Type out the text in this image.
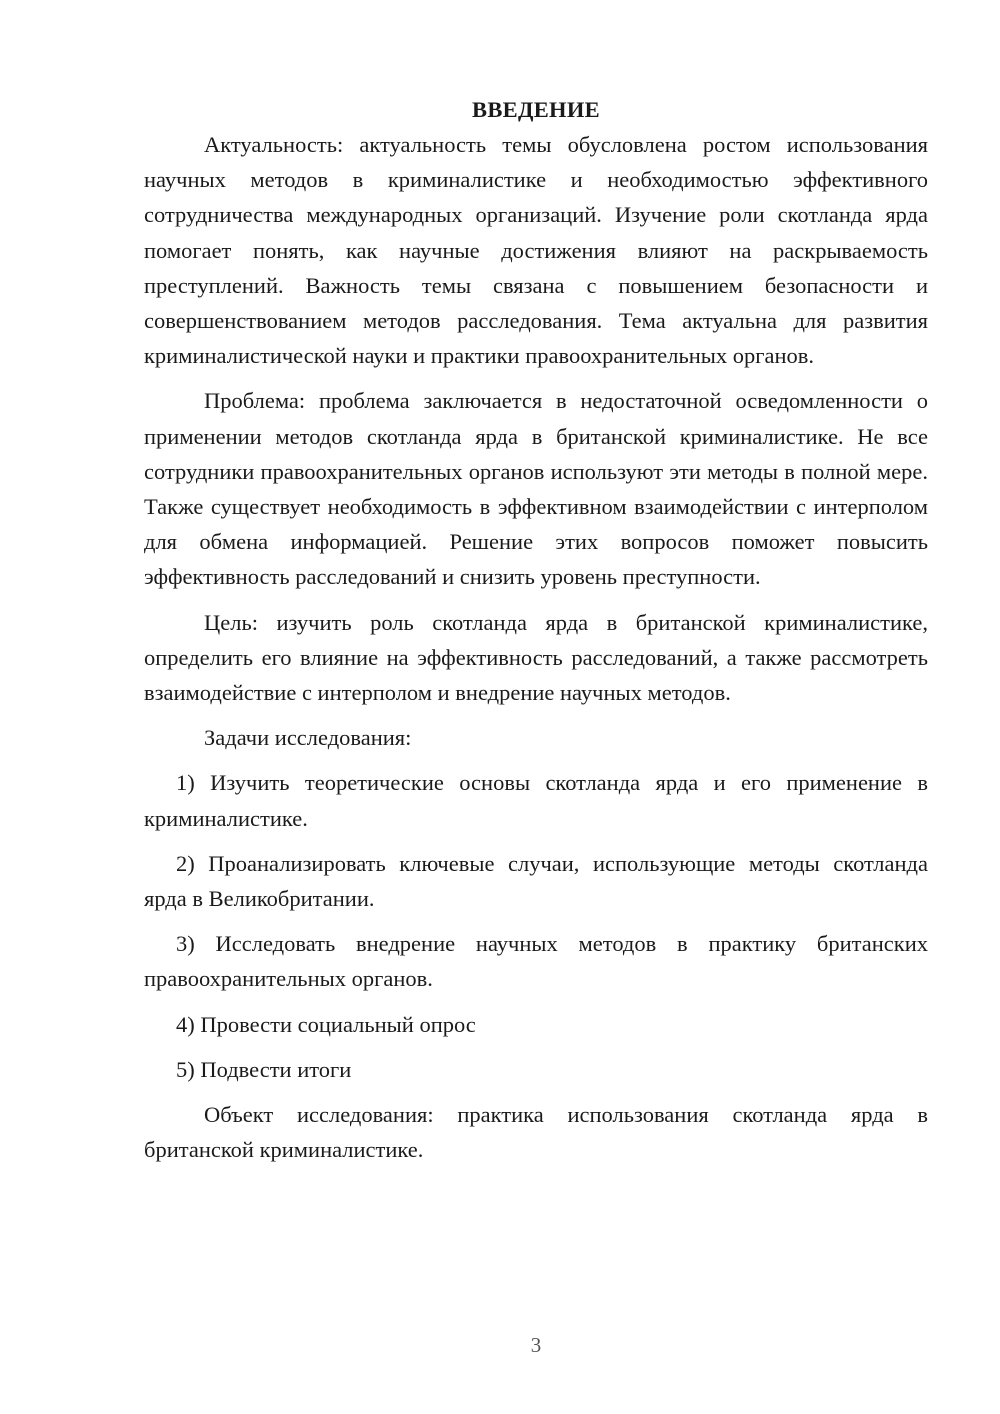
ВВЕДЕНИЕ

Актуальность: актуальность темы обусловлена ростом использования научных методов в криминалистике и необходимостью эффективного сотрудничества международных организаций. Изучение роли скотланда ярда помогает понять, как научные достижения влияют на раскрываемость преступлений. Важность темы связана с повышением безопасности и совершенствованием методов расследования. Тема актуальна для развития криминалистической науки и практики правоохранительных органов.

Проблема: проблема заключается в недостаточной осведомленности о применении методов скотланда ярда в британской криминалистике. Не все сотрудники правоохранительных органов используют эти методы в полной мере. Также существует необходимость в эффективном взаимодействии с интерполом для обмена информацией. Решение этих вопросов поможет повысить эффективность расследований и снизить уровень преступности.

Цель: изучить роль скотланда ярда в британской криминалистике, определить его влияние на эффективность расследований, а также рассмотреть взаимодействие с интерполом и внедрение научных методов.

Задачи исследования:

1) Изучить теоретические основы скотланда ярда и его применение в криминалистике.

2) Проанализировать ключевые случаи, использующие методы скотланда ярда в Великобритании.

3) Исследовать внедрение научных методов в практику британских правоохранительных органов.

4) Провести социальный опрос

5) Подвести итоги

Объект исследования: практика использования скотланда ярда в британской криминалистике.

3
